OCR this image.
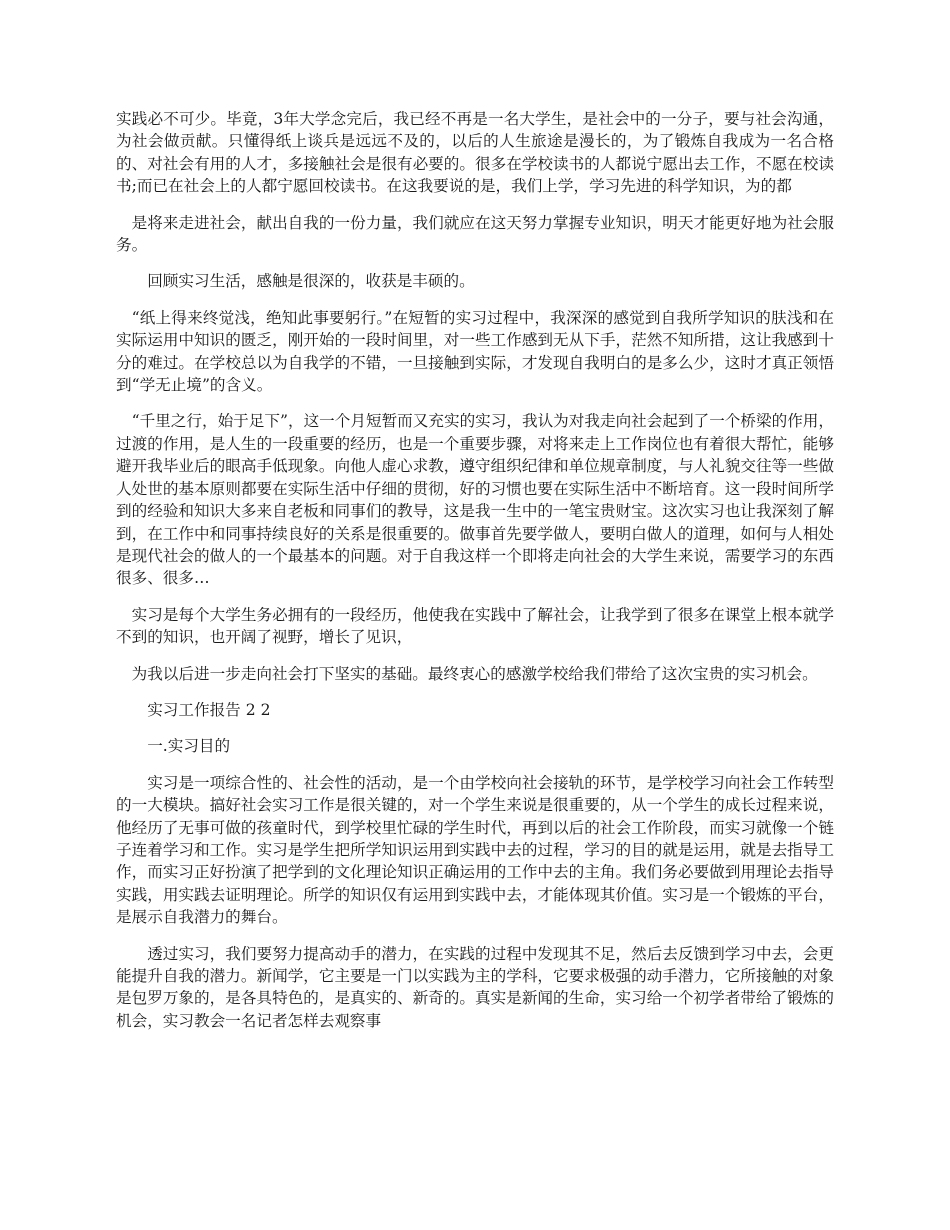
实践必不可少。毕竟，3年大学念完后，我已经不再是一名大学生，是社会中的一分子，要与社会沟通，为社会做贡献。只懂得纸上谈兵是远远不及的，以后的人生旅途是漫长的，为了锻炼自我成为一名合格的、对社会有用的人才，多接触社会是很有必要的。很多在学校读书的人都说宁愿出去工作，不愿在校读书;而已在社会上的人都宁愿回校读书。在这我要说的是，我们上学，学习先进的科学知识，为的都

是将来走进社会，献出自我的一份力量，我们就应在这天努力掌握专业知识，明天才能更好地为社会服务。

回顾实习生活，感触是很深的，收获是丰硕的。

“纸上得来终觉浅，绝知此事要躬行。”在短暂的实习过程中，我深深的感觉到自我所学知识的肤浅和在实际运用中知识的匮乏，刚开始的一段时间里，对一些工作感到无从下手，茫然不知所措，这让我感到十分的难过。在学校总以为自我学的不错，一旦接触到实际，才发现自我明白的是多么少，这时才真正领悟到“学无止境”的含义。

“千里之行，始于足下”，这一个月短暂而又充实的实习，我认为对我走向社会起到了一个桥梁的作用，过渡的作用，是人生的一段重要的经历，也是一个重要步骤，对将来走上工作岗位也有着很大帮忙，能够避开我毕业后的眼高手低现象。向他人虚心求教，遵守组织纪律和单位规章制度，与人礼貌交往等一些做人处世的基本原则都要在实际生活中仔细的贯彻，好的习惯也要在实际生活中不断培育。这一段时间所学到的经验和知识大多来自老板和同事们的教导，这是我一生中的一笔宝贵财宝。这次实习也让我深刻了解到，在工作中和同事持续良好的关系是很重要的。做事首先要学做人，要明白做人的道理，如何与人相处是现代社会的做人的一个最基本的问题。对于自我这样一个即将走向社会的大学生来说，需要学习的东西很多、很多…

实习是每个大学生务必拥有的一段经历，他使我在实践中了解社会，让我学到了很多在课堂上根本就学不到的知识，也开阔了视野，增长了见识，

为我以后进一步走向社会打下坚实的基础。最终衷心的感激学校给我们带给了这次宝贵的实习机会。

实习工作报告 2 2

一.实习目的

实习是一项综合性的、社会性的活动，是一个由学校向社会接轨的环节，是学校学习向社会工作转型的一大模块。搞好社会实习工作是很关键的，对一个学生来说是很重要的，从一个学生的成长过程来说，他经历了无事可做的孩童时代，到学校里忙碌的学生时代，再到以后的社会工作阶段，而实习就像一个链子连着学习和工作。实习是学生把所学知识运用到实践中去的过程，学习的目的就是运用，就是去指导工作，而实习正好扮演了把学到的文化理论知识正确运用的工作中去的主角。我们务必要做到用理论去指导实践，用实践去证明理论。所学的知识仅有运用到实践中去，才能体现其价值。实习是一个锻炼的平台，是展示自我潜力的舞台。

透过实习，我们要努力提高动手的潜力，在实践的过程中发现其不足，然后去反馈到学习中去，会更能提升自我的潜力。新闻学，它主要是一门以实践为主的学科，它要求极强的动手潜力，它所接触的对象是包罗万象的，是各具特色的，是真实的、新奇的。真实是新闻的生命，实习给一个初学者带给了锻炼的机会，实习教会一名记者怎样去观察事
